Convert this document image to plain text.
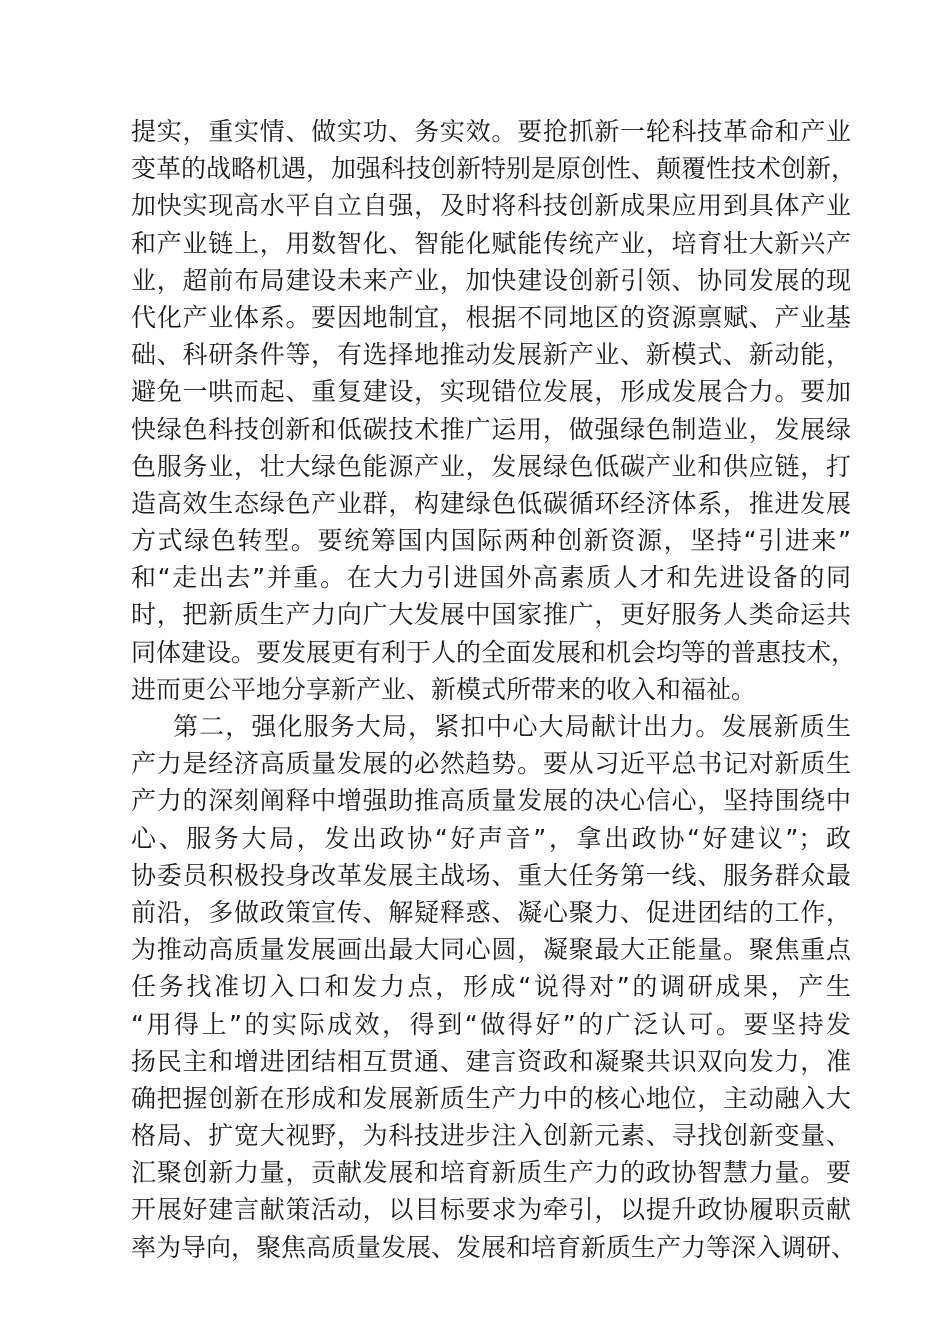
提实，重实情、做实功、务实效。要抢抓新一轮科技革命和产业
变革的战略机遇，加强科技创新特别是原创性、颠覆性技术创新，
加快实现高水平自立自强，及时将科技创新成果应用到具体产业
和产业链上，用数智化、智能化赋能传统产业，培育壮大新兴产
业，超前布局建设未来产业，加快建设创新引领、协同发展的现
代化产业体系。要因地制宜，根据不同地区的资源禀赋、产业基
础、科研条件等，有选择地推动发展新产业、新模式、新动能，
避免一哄而起、重复建设，实现错位发展，形成发展合力。要加
快绿色科技创新和低碳技术推广运用，做强绿色制造业，发展绿
色服务业，壮大绿色能源产业，发展绿色低碳产业和供应链，打
造高效生态绿色产业群，构建绿色低碳循环经济体系，推进发展
方式绿色转型。要统筹国内国际两种创新资源，坚持“引进来”
和“走出去”并重。在大力引进国外高素质人才和先进设备的同
时，把新质生产力向广大发展中国家推广，更好服务人类命运共
同体建设。要发展更有利于人的全面发展和机会均等的普惠技术，
进而更公平地分享新产业、新模式所带来的收入和福祉。
第二，强化服务大局，紧扣中心大局献计出力。发展新质生
产力是经济高质量发展的必然趋势。要从习近平总书记对新质生
产力的深刻阐释中增强助推高质量发展的决心信心，坚持围绕中
心、服务大局，发出政协“好声音”，拿出政协“好建议”；政
协委员积极投身改革发展主战场、重大任务第一线、服务群众最
前沿，多做政策宣传、解疑释惑、凝心聚力、促进团结的工作，
为推动高质量发展画出最大同心圆，凝聚最大正能量。聚焦重点
任务找准切入口和发力点，形成“说得对”的调研成果，产生
“用得上”的实际成效，得到“做得好”的广泛认可。要坚持发
扬民主和增进团结相互贯通、建言资政和凝聚共识双向发力，准
确把握创新在形成和发展新质生产力中的核心地位，主动融入大
格局、扩宽大视野，为科技进步注入创新元素、寻找创新变量、
汇聚创新力量，贡献发展和培育新质生产力的政协智慧力量。要
开展好建言献策活动，以目标要求为牵引，以提升政协履职贡献
率为导向，聚焦高质量发展、发展和培育新质生产力等深入调研、
